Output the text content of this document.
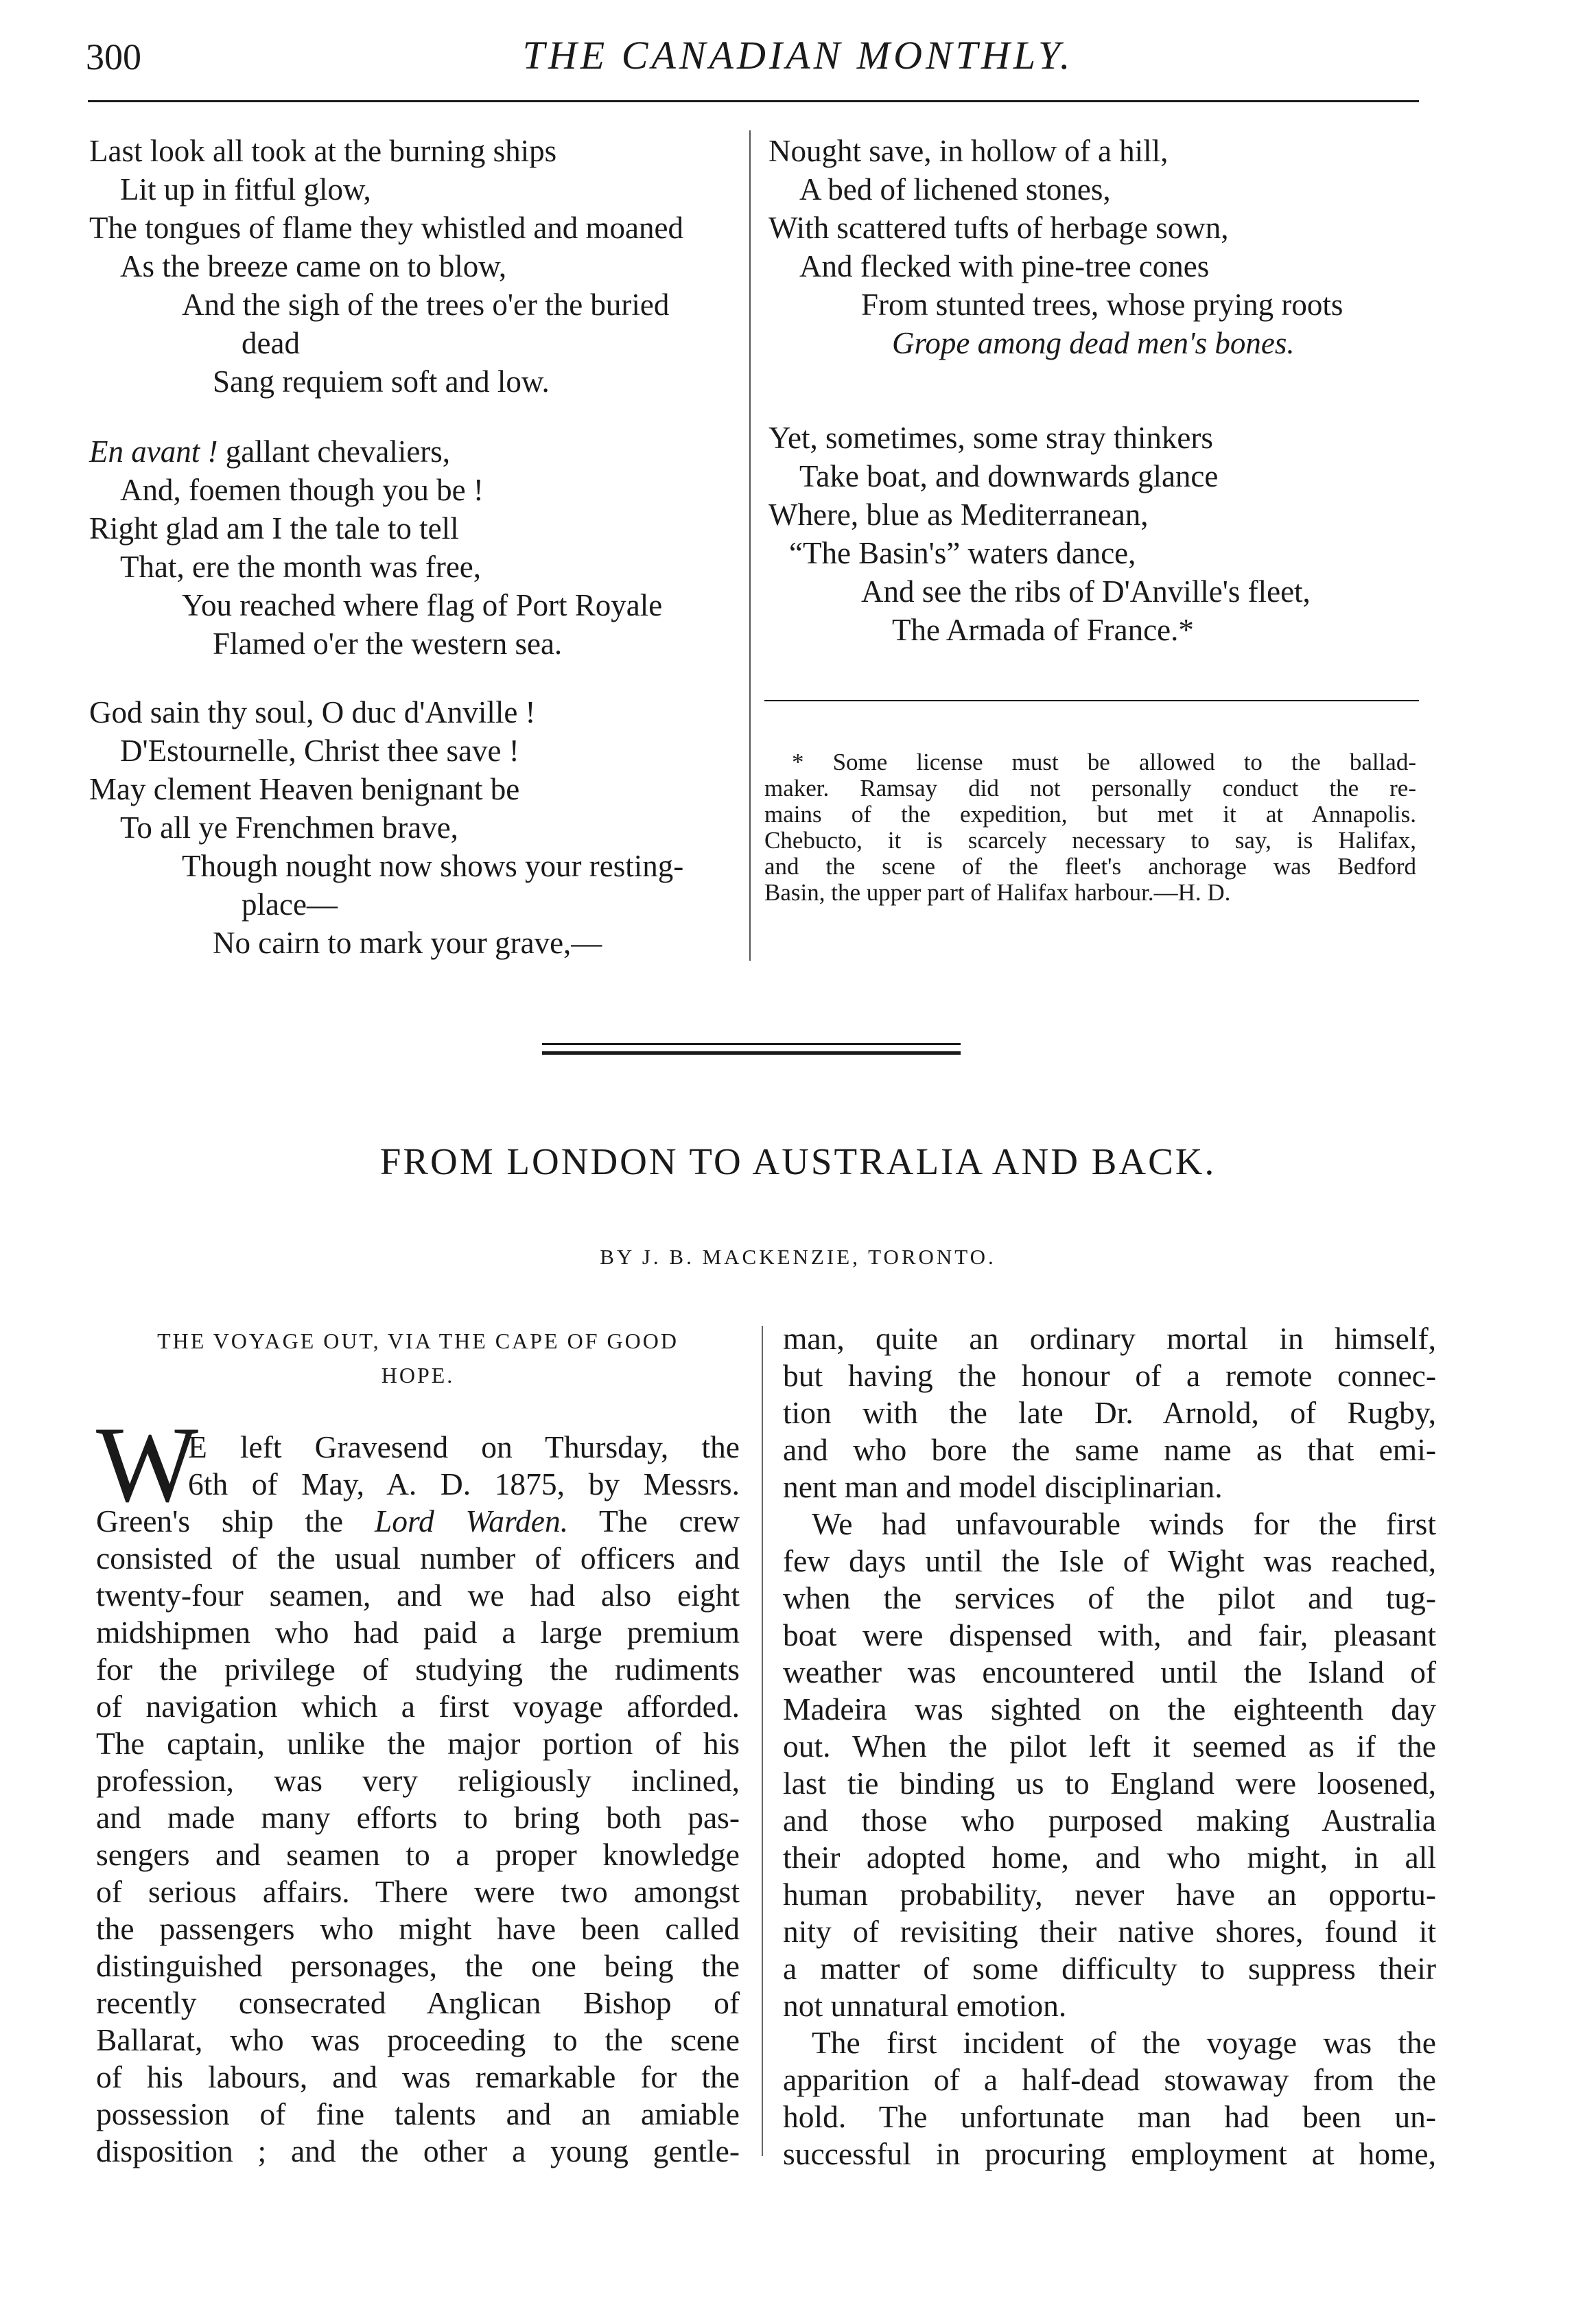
300	THE CANADIAN MONTHLY.
Last look all took at the burning ships
Lit up in fitful glow,
The tongues of flame they whistled and moaned
As the breeze came on to blow,
And the sigh of the trees o'er the buried
dead
Sang requiem soft and low.
En avant ! gallant chevaliers,
And, foemen though you be !
Right glad am I the tale to tell
That, ere the month was free,
You reached where flag of Port Royale
Flamed o'er the western sea.
God sain thy soul, O duc d'Anville !
D'Estournelle, Christ thee save !
May clement Heaven benignant be
To all ye Frenchmen brave,
Though nought now shows your resting-
place—
No cairn to mark your grave,—
Nought save, in hollow of a hill,
A bed of lichened stones,
With scattered tufts of herbage sown,
And flecked with pine-tree cones
From stunted trees, whose prying roots
Grope among dead men's bones.
Yet, sometimes, some stray thinkers
Take boat, and downwards glance
Where, blue as Mediterranean,
“The Basin's” waters dance,
And see the ribs of D'Anville's fleet,
The Armada of France.*
* Some license must be allowed to the ballad-
maker. Ramsay did not personally conduct the re-
mains of the expedition, but met it at Annapolis.
Chebucto, it is scarcely necessary to say, is Halifax,
and the scene of the fleet's anchorage was Bedford
Basin, the upper part of Halifax harbour.—H. D.
FROM LONDON TO AUSTRALIA AND BACK.
BY J. B. MACKENZIE, TORONTO.
THE VOYAGE OUT, VIA THE CAPE OF GOOD
HOPE.
W
E left Gravesend on Thursday, the
6th of May, A. D. 1875, by Messrs.
Green's ship the Lord Warden. The crew
consisted of the usual number of officers and
twenty-four seamen, and we had also eight
midshipmen who had paid a large premium
for the privilege of studying the rudiments
of navigation which a first voyage afforded.
The captain, unlike the major portion of his
profession, was very religiously inclined,
and made many efforts to bring both pas-
sengers and seamen to a proper knowledge
of serious affairs. There were two amongst
the passengers who might have been called
distinguished personages, the one being the
recently consecrated Anglican Bishop of
Ballarat, who was proceeding to the scene
of his labours, and was remarkable for the
possession of fine talents and an amiable
disposition ; and the other a young gentle-
man, quite an ordinary mortal in himself,
but having the honour of a remote connec-
tion with the late Dr. Arnold, of Rugby,
and who bore the same name as that emi-
nent man and model disciplinarian.
We had unfavourable winds for the first
few days until the Isle of Wight was reached,
when the services of the pilot and tug-
boat were dispensed with, and fair, pleasant
weather was encountered until the Island of
Madeira was sighted on the eighteenth day
out. When the pilot left it seemed as if the
last tie binding us to England were loosened,
and those who purposed making Australia
their adopted home, and who might, in all
human probability, never have an opportu-
nity of revisiting their native shores, found it
a matter of some difficulty to suppress their
not unnatural emotion.
The first incident of the voyage was the
apparition of a half-dead stowaway from the
hold. The unfortunate man had been un-
successful in procuring employment at home,
